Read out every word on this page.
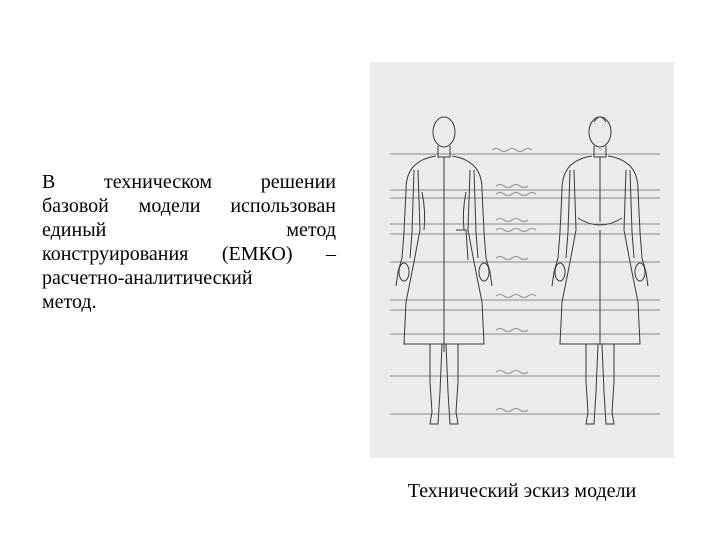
В техническом решении
базовой модели использован
единый метод
конструирования (ЕМКО) –
расчетно-аналитический
метод.
Технический эскиз модели
